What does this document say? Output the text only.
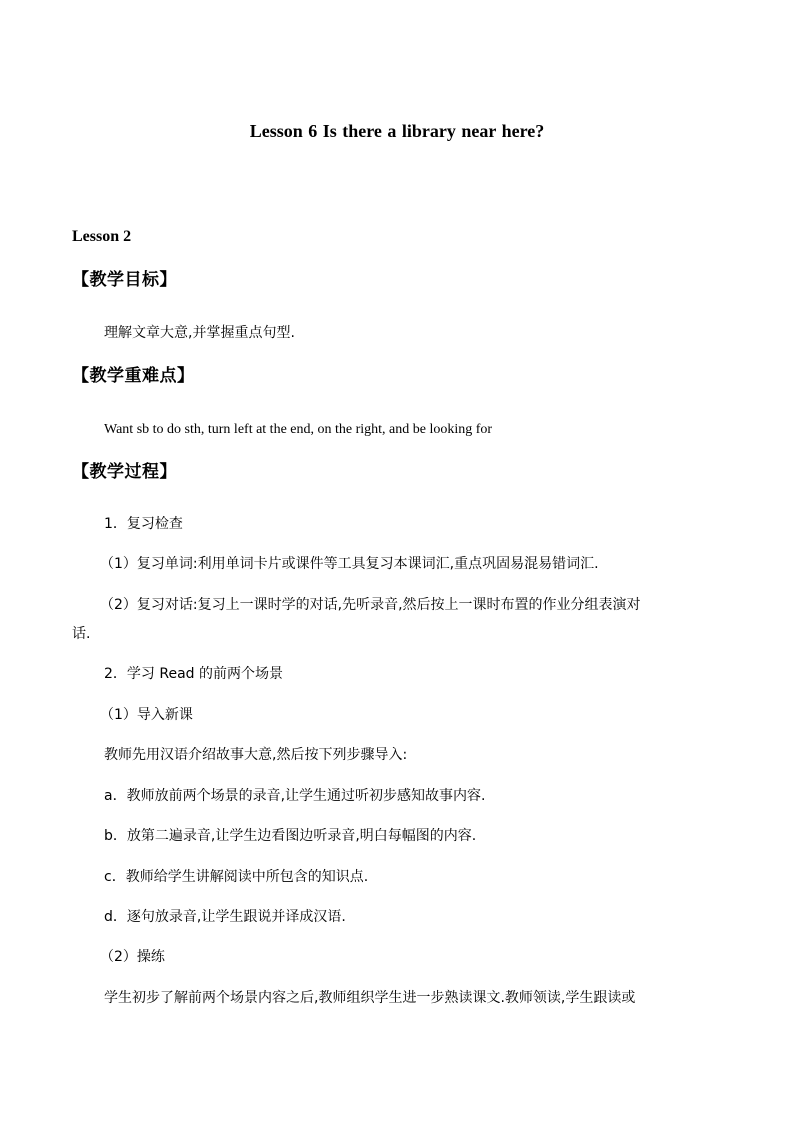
Lesson 6 Is there a library near here?
Lesson 2
【教学目标】
理解文章大意,并掌握重点句型.
【教学重难点】
Want sb to do sth, turn left at the end, on the right, and be looking for
【教学过程】
1．复习检查
（1）复习单词:利用单词卡片或课件等工具复习本课词汇,重点巩固易混易错词汇.
（2）复习对话:复习上一课时学的对话,先听录音,然后按上一课时布置的作业分组表演对
话.
2．学习 Read 的前两个场景
（1）导入新课
教师先用汉语介绍故事大意,然后按下列步骤导入:
a．教师放前两个场景的录音,让学生通过听初步感知故事内容.
b．放第二遍录音,让学生边看图边听录音,明白每幅图的内容.
c．教师给学生讲解阅读中所包含的知识点.
d．逐句放录音,让学生跟说并译成汉语.
（2）操练
学生初步了解前两个场景内容之后,教师组织学生进一步熟读课文.教师领读,学生跟读或
